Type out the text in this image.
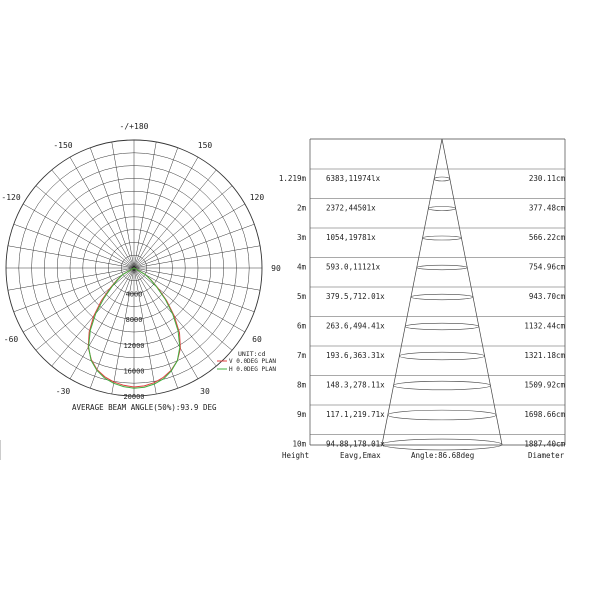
-/+180
-150	150
-120	120
90
-60	60
-30	30
0
4000
8000
12000
16000
20000
UNIT:cd
V 0.0DEG PLAN
H 0.0DEG PLAN
AVERAGE BEAM ANGLE(50%):93.9 DEG
1.219m	6383,11974lx	230.11cm
2m	2372,44501x	377.48cm
3m	1054,19781x	566.22cm
4m	593.0,11121x	754.96cm
5m	379.5,712.01x	943.70cm
6m	263.6,494.41x	1132.44cm
7m	193.6,363.31x	1321.18cm
8m	148.3,278.11x	1509.92cm
9m	117.1,219.71x	1698.66cm
10m	94.88,178.01x	1887.40cm
Height	Eavg,Emax	Angle:86.68deg	Diameter
